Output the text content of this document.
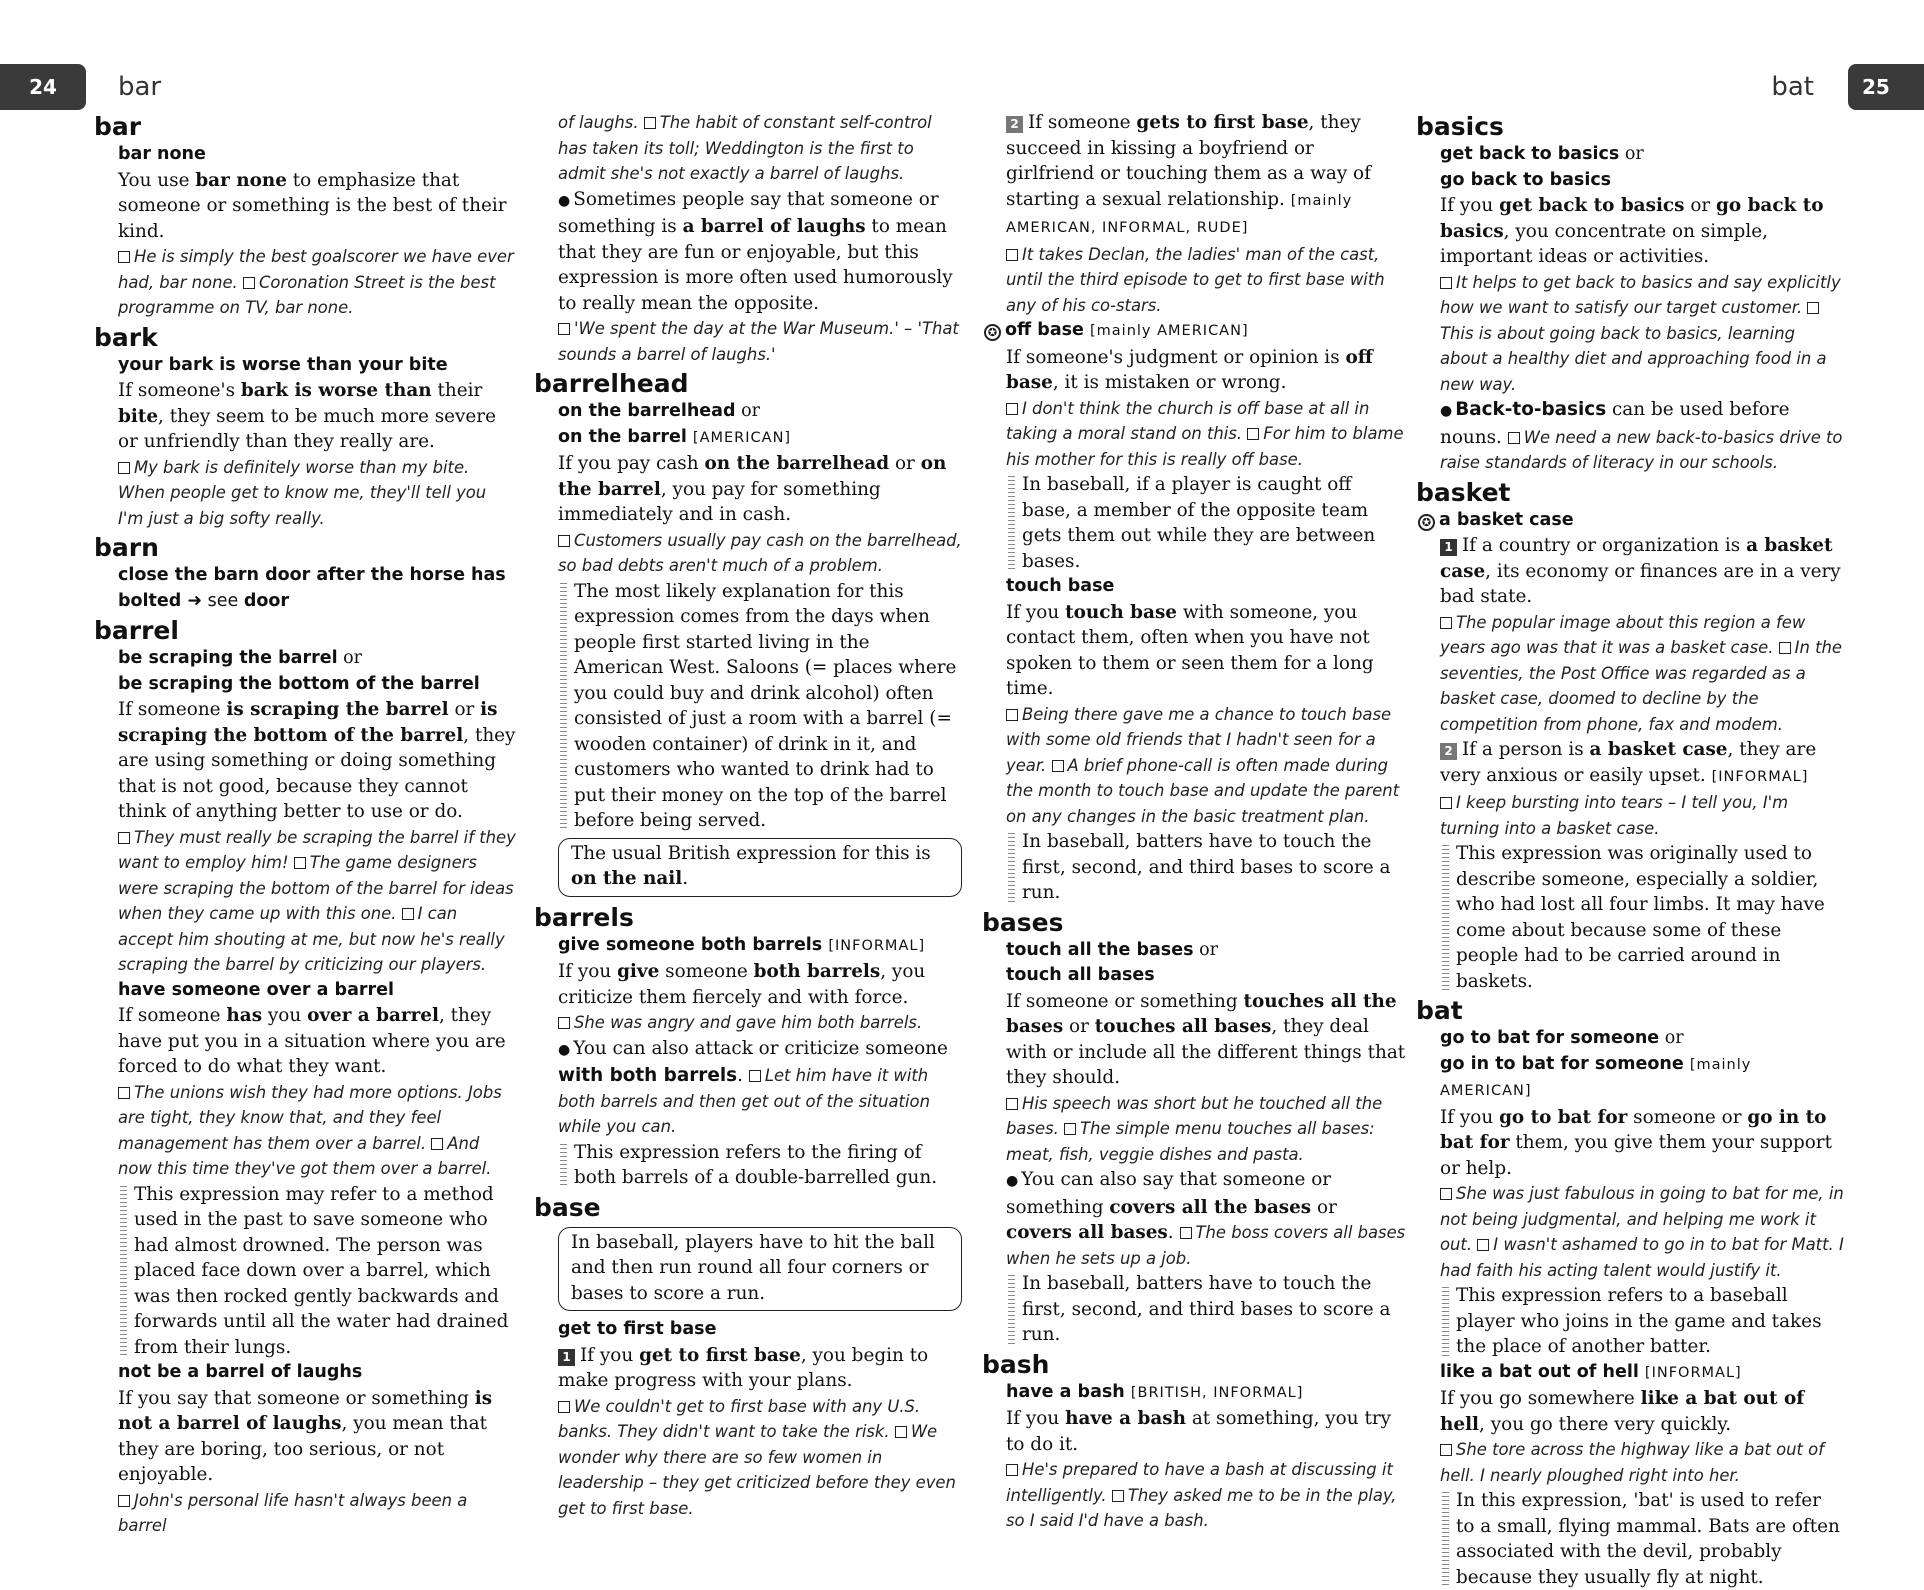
24 bar	bat 25

bar

bar none

You use bar none to emphasize that someone or something is the best of their kind.

He is simply the best goalscorer we have ever had, bar none. Coronation Street is the best programme on TV, bar none.

bark

your bark is worse than your bite

If someone's bark is worse than their bite, they seem to be much more severe or unfriendly than they really are.

My bark is definitely worse than my bite. When people get to know me, they'll tell you I'm just a big softy really.

barn

close the barn door after the horse has bolted ➜ see door

barrel

be scraping the barrel or

be scraping the bottom of the barrel

If someone is scraping the barrel or is scraping the bottom of the barrel, they are using something or doing something that is not good, because they cannot think of anything better to use or do.

They must really be scraping the barrel if they want to employ him! The game designers were scraping the bottom of the barrel for ideas when they came up with this one. I can accept him shouting at me, but now he's really scraping the barrel by criticizing our players.

have someone over a barrel

If someone has you over a barrel, they have put you in a situation where you are forced to do what they want.

The unions wish they had more options. Jobs are tight, they know that, and they feel management has them over a barrel. And now this time they've got them over a barrel.

This expression may refer to a method used in the past to save someone who had almost drowned. The person was placed face down over a barrel, which was then rocked gently backwards and forwards until all the water had drained from their lungs.

not be a barrel of laughs

If you say that someone or something is not a barrel of laughs, you mean that they are boring, too serious, or not enjoyable.

John's personal life hasn't always been a barrel

of laughs. The habit of constant self-control has taken its toll; Weddington is the first to admit she's not exactly a barrel of laughs.

● Sometimes people say that someone or something is a barrel of laughs to mean that they are fun or enjoyable, but this expression is more often used humorously to really mean the opposite.

'We spent the day at the War Museum.' – 'That sounds a barrel of laughs.'

barrelhead

on the barrelhead or

on the barrel [AMERICAN]

If you pay cash on the barrelhead or on the barrel, you pay for something immediately and in cash.

Customers usually pay cash on the barrelhead, so bad debts aren't much of a problem.

The most likely explanation for this expression comes from the days when people first started living in the American West. Saloons (= places where you could buy and drink alcohol) often consisted of just a room with a barrel (= wooden container) of drink in it, and customers who wanted to drink had to put their money on the top of the barrel before being served.

The usual British expression for this is on the nail.

barrels

give someone both barrels [INFORMAL]

If you give someone both barrels, you criticize them fiercely and with force.

She was angry and gave him both barrels.

● You can also attack or criticize someone with both barrels. Let him have it with both barrels and then get out of the situation while you can.

This expression refers to the firing of both barrels of a double-barrelled gun.

base

In baseball, players have to hit the ball and then run round all four corners or bases to score a run.

get to first base

1 If you get to first base, you begin to make progress with your plans.

We couldn't get to first base with any U.S. banks. They didn't want to take the risk. We wonder why there are so few women in leadership – they get criticized before they even get to first base.

2 If someone gets to first base, they succeed in kissing a boyfriend or girlfriend or touching them as a way of starting a sexual relationship. [mainly AMERICAN, INFORMAL, RUDE]

It takes Declan, the ladies' man of the cast, until the third episode to get to first base with any of his co-stars.

✪ off base [mainly AMERICAN]

If someone's judgment or opinion is off base, it is mistaken or wrong.

I don't think the church is off base at all in taking a moral stand on this. For him to blame his mother for this is really off base.

In baseball, if a player is caught off base, a member of the opposite team gets them out while they are between bases.

touch base

If you touch base with someone, you contact them, often when you have not spoken to them or seen them for a long time.

Being there gave me a chance to touch base with some old friends that I hadn't seen for a year. A brief phone-call is often made during the month to touch base and update the parent on any changes in the basic treatment plan.

In baseball, batters have to touch the first, second, and third bases to score a run.

bases

touch all the bases or

touch all bases

If someone or something touches all the bases or touches all bases, they deal with or include all the different things that they should.

His speech was short but he touched all the bases. The simple menu touches all bases: meat, fish, veggie dishes and pasta.

● You can also say that someone or something covers all the bases or covers all bases. The boss covers all bases when he sets up a job.

In baseball, batters have to touch the first, second, and third bases to score a run.

bash

have a bash [BRITISH, INFORMAL]

If you have a bash at something, you try to do it.

He's prepared to have a bash at discussing it intelligently. They asked me to be in the play, so I said I'd have a bash.

basics

get back to basics or

go back to basics

If you get back to basics or go back to basics, you concentrate on simple, important ideas or activities.

It helps to get back to basics and say explicitly how we want to satisfy our target customer. This is about going back to basics, learning about a healthy diet and approaching food in a new way.

● Back-to-basics can be used before nouns. We need a new back-to-basics drive to raise standards of literacy in our schools.

basket

✪ a basket case

1 If a country or organization is a basket case, its economy or finances are in a very bad state.

The popular image about this region a few years ago was that it was a basket case. In the seventies, the Post Office was regarded as a basket case, doomed to decline by the competition from phone, fax and modem.

2 If a person is a basket case, they are very anxious or easily upset. [INFORMAL]

I keep bursting into tears – I tell you, I'm turning into a basket case.

This expression was originally used to describe someone, especially a soldier, who had lost all four limbs. It may have come about because some of these people had to be carried around in baskets.

bat

go to bat for someone or

go in to bat for someone [mainly AMERICAN]

If you go to bat for someone or go in to bat for them, you give them your support or help.

She was just fabulous in going to bat for me, in not being judgmental, and helping me work it out. I wasn't ashamed to go in to bat for Matt. I had faith his acting talent would justify it.

This expression refers to a baseball player who joins in the game and takes the place of another batter.

like a bat out of hell [INFORMAL]

If you go somewhere like a bat out of hell, you go there very quickly.

She tore across the highway like a bat out of hell. I nearly ploughed right into her.

In this expression, 'bat' is used to refer to a small, flying mammal. Bats are often associated with the devil, probably because they usually fly at night.
